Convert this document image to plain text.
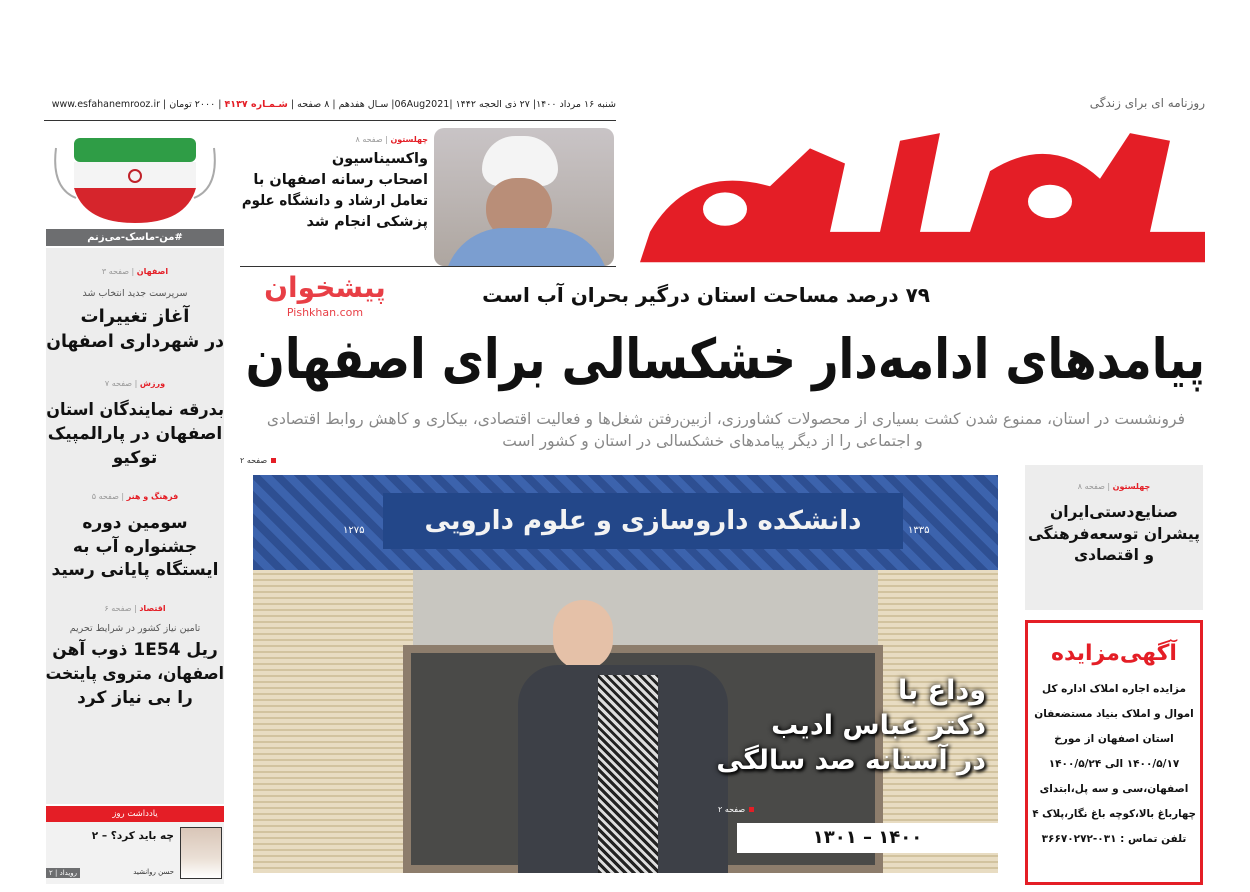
روزنامه ای برای زندگی
شنبه ۱۶ مرداد ۱۴۰۰| ۲۷ ذی الحجه ۱۴۴۲ |06Aug2021| سـال هفدهم | ۸ صفحه | شـمـاره ۴۱۳۷ | ۲۰۰۰ تومان | www.esfahanemrooz.ir
#من-ماسک-می‌زنم
اصفهان | صفحه ۳
سرپرست جدید انتخاب شد
آغاز تغییرات
در شهرداری اصفهان
ورزش | صفحه ۷
بدرقه نمایندگان استان
اصفهان در پارالمپیک
توکیو
فرهنگ و هنر | صفحه ۵
سومین دوره
جشنواره آب به
ایستگاه پایانی رسید
اقتصاد | صفحه ۶
تامین نیاز کشور در شرایط تحریم
ریل 1E54 ذوب آهن
اصفهان، متروی پایتخت
را بی نیاز کرد
یادداشت روز
چه باید کرد؟ – ۲
حسن روانشید
رویداد | ۲
چهلستون | صفحه ۸
واکسیناسیون
اصحاب رسانه اصفهان با
تعامل ارشاد و دانشگاه علوم
پزشکی انجام شد
۷۹ درصد مساحت استان درگیر بحران آب است
پیامدهای ادامه‌دار خشکسالی برای اصفهان
پیشخوان
Pishkhan.com
فرونشست در استان، ممنوع شدن کشت بسیاری از محصولات کشاورزی، ازبین‌رفتن شغل‌ها و فعالیت اقتصادی، بیکاری و کاهش روابط اقتصادی
و اجتماعی را از دیگر پیامدهای خشکسالی در استان و کشور است
صفحه ۲
دانشکده داروسازی و علوم دارویی
۱۲۷۵	۱۳۳۵
وداع با
دکتر عباس ادیب
در آستانه صد سالگی
صفحه ۲
۱۳۰۱ – ۱۴۰۰
چهلستون | صفحه ۸
صنایع‌دستی‌ایران
پیشران توسعه‌فرهنگی
و اقتصادی
آگهی‌مزایده
مزایده اجاره املاک اداره کل
اموال و املاک بنیاد مستضعفان
استان اصفهان از مورخ
۱۴۰۰/۵/۱۷ الی ۱۴۰۰/۵/۲۴
اصفهان،سی و سه پل،ابتدای
چهارباغ بالا،کوچه باغ نگار،پلاک ۴
تلفن تماس : ۰۳۱-۳۶۶۷۰۲۷۲
